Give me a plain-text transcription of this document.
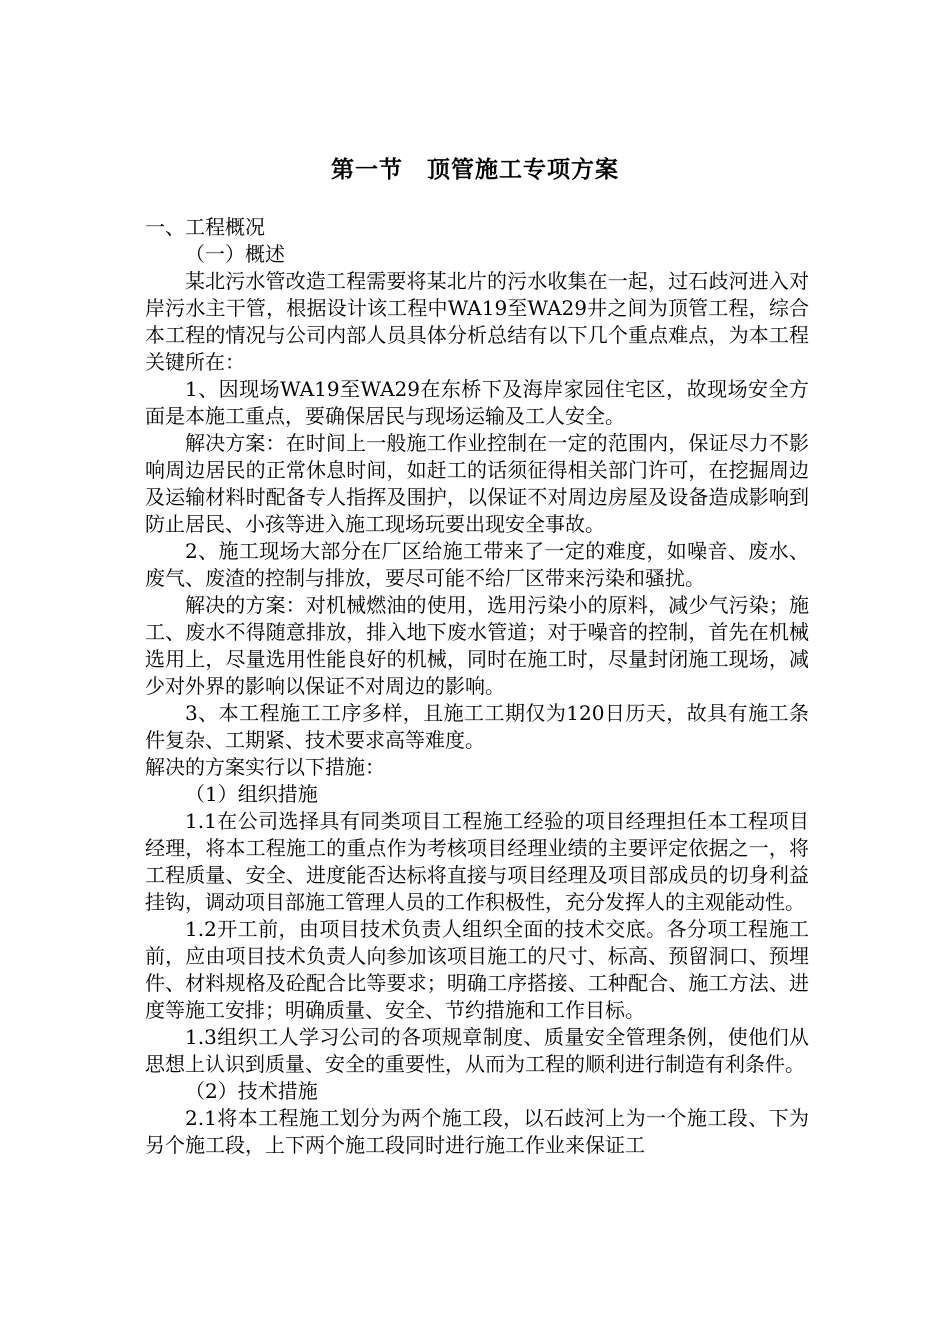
第一节　顶管施工专项方案

一、工程概况

（一）概述

某北污水管改造工程需要将某北片的污水收集在一起，过石歧河进入对岸污水主干管，根据设计该工程中WA19至WA29井之间为顶管工程，综合本工程的情况与公司内部人员具体分析总结有以下几个重点难点，为本工程关键所在：

1、因现场WA19至WA29在东桥下及海岸家园住宅区，故现场安全方面是本施工重点，要确保居民与现场运输及工人安全。

解决方案：在时间上一般施工作业控制在一定的范围内，保证尽力不影响周边居民的正常休息时间，如赶工的话须征得相关部门许可，在挖掘周边及运输材料时配备专人指挥及围护，以保证不对周边房屋及设备造成影响到防止居民、小孩等进入施工现场玩要出现安全事故。

2、施工现场大部分在厂区给施工带来了一定的难度，如噪音、废水、废气、废渣的控制与排放，要尽可能不给厂区带来污染和骚扰。

解决的方案：对机械燃油的使用，选用污染小的原料，减少气污染；施工、废水不得随意排放，排入地下废水管道；对于噪音的控制，首先在机械选用上，尽量选用性能良好的机械，同时在施工时，尽量封闭施工现场，减少对外界的影响以保证不对周边的影响。

3、本工程施工工序多样，且施工工期仅为120日历天，故具有施工条件复杂、工期紧、技术要求高等难度。

解决的方案实行以下措施：

（1）组织措施

1.1在公司选择具有同类项目工程施工经验的项目经理担任本工程项目经理，将本工程施工的重点作为考核项目经理业绩的主要评定依据之一，将工程质量、安全、进度能否达标将直接与项目经理及项目部成员的切身利益挂钩，调动项目部施工管理人员的工作积极性，充分发挥人的主观能动性。

1.2开工前，由项目技术负责人组织全面的技术交底。各分项工程施工前，应由项目技术负责人向参加该项目施工的尺寸、标高、预留洞口、预埋件、材料规格及砼配合比等要求；明确工序搭接、工种配合、施工方法、进度等施工安排；明确质量、安全、节约措施和工作目标。

1.3组织工人学习公司的各项规章制度、质量安全管理条例，使他们从思想上认识到质量、安全的重要性，从而为工程的顺利进行制造有利条件。

（2）技术措施

2.1将本工程施工划分为两个施工段，以石歧河上为一个施工段、下为另个施工段，上下两个施工段同时进行施工作业来保证工
